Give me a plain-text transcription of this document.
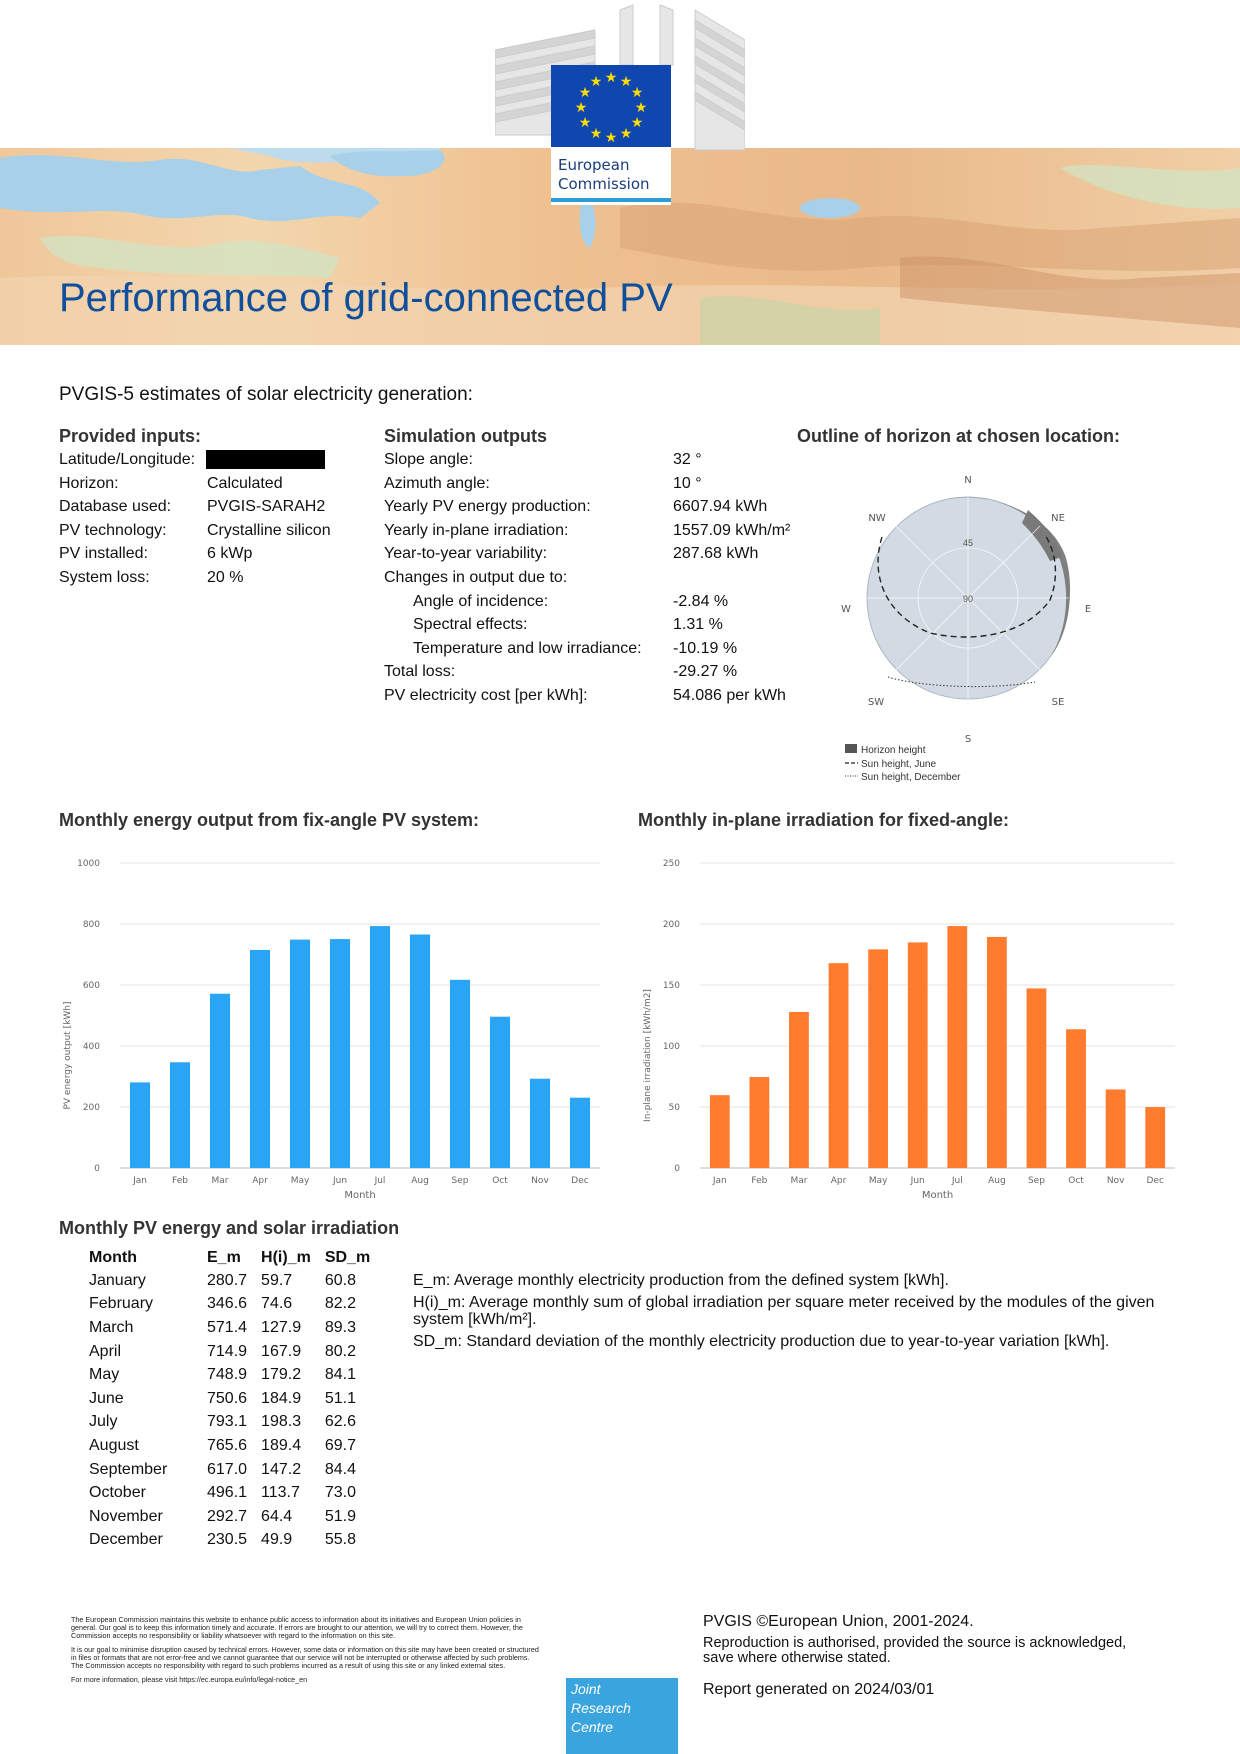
★ ★
★
★
★
★
★
★
★
★
★
★
European
Commission
Performance of grid-connected PV
PVGIS-5 estimates of solar electricity generation:
Provided inputs:
Latitude/Longitude:
Horizon:	Calculated
Database used: PVGIS-SARAH2
PV technology:	Crystalline silicon
PV installed:	6 kWp
System loss:	20 %
Simulation outputs
Slope angle:	32 °
Azimuth angle:	10 °
Yearly PV energy production:	6607.94 kWh
Yearly in-plane irradiation:	1557.09 kWh/m²
Year-to-year variability:	287.68 kWh
Changes in output due to:
Angle of incidence:	-2.84 %
Spectral effects:	1.31 %
Temperature and low irradiance: -10.19 %
Total loss:	-29.27 %
PV electricity cost [per kWh]:	54.086 per kWh
Outline of horizon at chosen location:
45
90
N
NE
E
SE
S
SW
W
NW
Horizon height
Sun height, June
Sun height, December
Monthly energy output from fix-angle PV system:
0
200
400
600
800
1000
PV energy output [kWh]
Jan	Feb	Mar	Apr	May	Jun	Jul	Aug	Sep	Oct	Nov	Dec
Month
Monthly in-plane irradiation for fixed-angle:
0
50
100
150
200
250
In-plane irradiation [kWh/m2]
Jan	Feb	Mar	Apr May	Jun	Jul	Aug Sep	Oct	Nov Dec
Month
Monthly PV energy and solar irradiation
Month	E_m	H(i)_m	SD_m
January	280.7	59.7	60.8
February	346.6	74.6	82.2
March	571.4	127.9	89.3
April	714.9	167.9	80.2
May	748.9	179.2	84.1
June	750.6	184.9	51.1
July	793.1	198.3	62.6
August	765.6	189.4	69.7
September	617.0	147.2	84.4
October	496.1	113.7	73.0
November	292.7	64.4	51.9
December	230.5	49.9	55.8

E_m: Average monthly electricity production from the defined system [kWh].

H(i)_m: Average monthly sum of global irradiation per square meter received by the modules of the given system [kWh/m²].

SD_m: Standard deviation of the monthly electricity production due to year-to-year variation [kWh].

The European Commission maintains this website to enhance public access to information about its initiatives and European Union policies in general. Our goal is to keep this information timely and accurate. If errors are brought to our attention, we will try to correct them. However, the Commission accepts no responsibility or liability whatsoever with regard to the information on this site.

It is our goal to minimise disruption caused by technical errors. However, some data or information on this site may have been created or structured in files or formats that are not error-free and we cannot guarantee that our service will not be interrupted or otherwise affected by such problems. The Commission accepts no responsibility with regard to such problems incurred as a result of using this site or any linked external sites.

For more information, please visit https://ec.europa.eu/info/legal-notice_en

Joint
Research
Centre
PVGIS ©European Union, 2001-2024.
Reproduction is authorised, provided the source is acknowledged, save where otherwise stated.
Report generated on 2024/03/01
